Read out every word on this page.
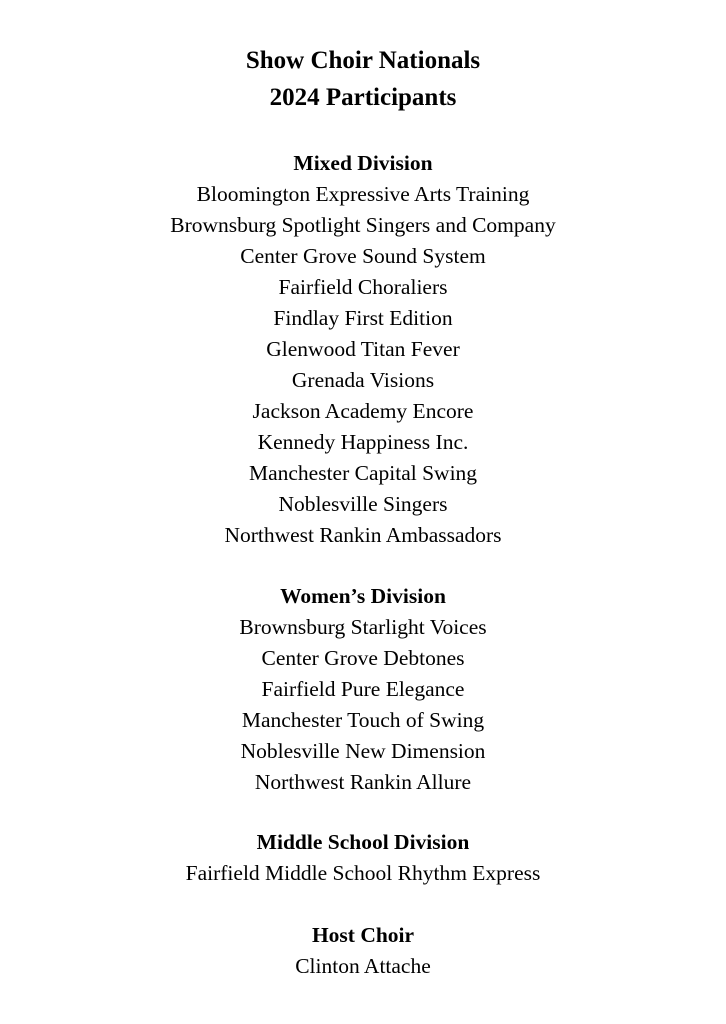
Show Choir Nationals

2024 Participants

Mixed Division

Bloomington Expressive Arts Training

Brownsburg Spotlight Singers and Company

Center Grove Sound System

Fairfield Choraliers

Findlay First Edition

Glenwood Titan Fever

Grenada Visions

Jackson Academy Encore

Kennedy Happiness Inc.

Manchester Capital Swing

Noblesville Singers

Northwest Rankin Ambassadors

Women’s Division

Brownsburg Starlight Voices

Center Grove Debtones

Fairfield Pure Elegance

Manchester Touch of Swing

Noblesville New Dimension

Northwest Rankin Allure

Middle School Division

Fairfield Middle School Rhythm Express

Host Choir

Clinton Attache
